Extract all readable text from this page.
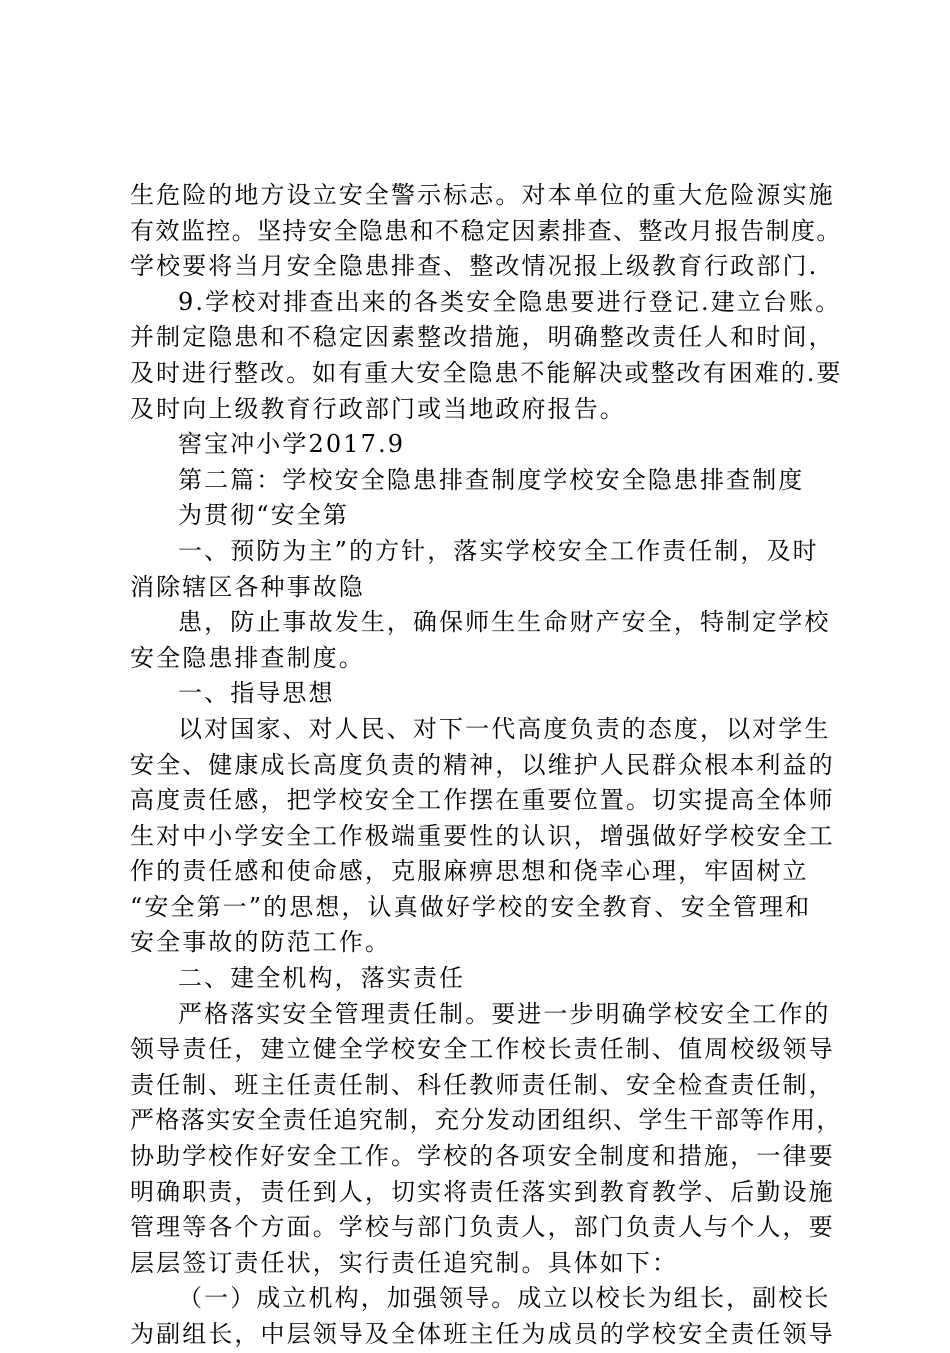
生危险的地方设立安全警示标志。对本单位的重大危险源实施
有效监控。坚持安全隐患和不稳定因素排查、整改月报告制度。
学校要将当月安全隐患排查、整改情况报上级教育行政部门.
9.学校对排查出来的各类安全隐患要进行登记.建立台账。
并制定隐患和不稳定因素整改措施，明确整改责任人和时间，
及时进行整改。如有重大安全隐患不能解决或整改有困难的.要
及时向上级教育行政部门或当地政府报告。
窖宝冲小学2017.9
第二篇：学校安全隐患排查制度学校安全隐患排查制度
为贯彻“安全第
一、预防为主”的方针，落实学校安全工作责任制，及时
消除辖区各种事故隐
患，防止事故发生，确保师生生命财产安全，特制定学校
安全隐患排查制度。
一、指导思想
以对国家、对人民、对下一代高度负责的态度，以对学生
安全、健康成长高度负责的精神，以维护人民群众根本利益的
高度责任感，把学校安全工作摆在重要位置。切实提高全体师
生对中小学安全工作极端重要性的认识，增强做好学校安全工
作的责任感和使命感，克服麻痹思想和侥幸心理，牢固树立
“安全第一”的思想，认真做好学校的安全教育、安全管理和
安全事故的防范工作。
二、建全机构，落实责任
严格落实安全管理责任制。要进一步明确学校安全工作的
领导责任，建立健全学校安全工作校长责任制、值周校级领导
责任制、班主任责任制、科任教师责任制、安全检查责任制，
严格落实安全责任追究制，充分发动团组织、学生干部等作用，
协助学校作好安全工作。学校的各项安全制度和措施，一律要
明确职责，责任到人，切实将责任落实到教育教学、后勤设施
管理等各个方面。学校与部门负责人，部门负责人与个人，要
层层签订责任状，实行责任追究制。具体如下：
（一）成立机构，加强领导。成立以校长为组长，副校长
为副组长，中层领导及全体班主任为成员的学校安全责任领导
